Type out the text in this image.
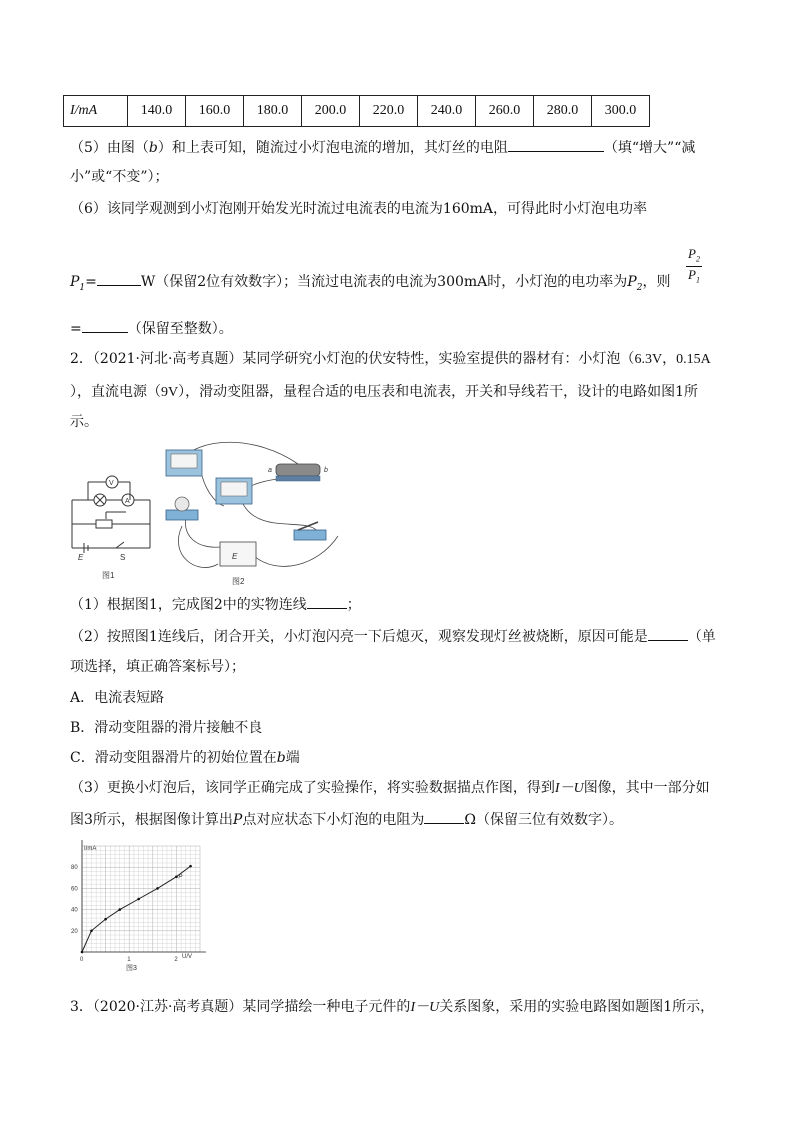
I/mA	140.0	160.0	180.0	200.0	220.0	240.0	260.0	280.0	300.0
（5）由图（b）和上表可知，随流过小灯泡电流的增加，其灯丝的电阻	（填“增大”“减
小”或“不变”）；
（6）该同学观测到小灯泡刚开始发光时流过电流表的电流为160mA，可得此时小灯泡电功率
$P_1=$	W（保留2位有效数字）；当流过电流表的电流为300mA时，小灯泡的电功率为$P_2$，则
$P_2$
$P_1$
=	（保留至整数）。
2．（2021·河北·高考真题）某同学研究小灯泡的伏安特性，实验室提供的器材有：小灯泡（6.3V，0.15A
），直流电源（9V），滑动变阻器，量程合适的电压表和电流表，开关和导线若干，设计的电路如图1所
示。
V
A
E	S
图1
a	b
E
图2
（1）根据图1，完成图2中的实物连线	；
（2）按照图1连线后，闭合开关，小灯泡闪亮一下后熄灭，观察发现灯丝被烧断，原因可能是	（单
项选择，填正确答案标号）；
A．电流表短路
B．滑动变阻器的滑片接触不良
C．滑动变阻器滑片的初始位置在b端
（3）更换小灯泡后，该同学正确完成了实验操作，将实验数据描点作图，得到I－U图像，其中一部分如
图3所示，根据图像计算出P点对应状态下小灯泡的电阻为	Ω（保留三位有效数字）。
0	1	2
20
40
60
80
I/mA
U/V
P
图3
3．（2020·江苏·高考真题）某同学描绘一种电子元件的I－U关系图象，采用的实验电路图如题图1所示，
